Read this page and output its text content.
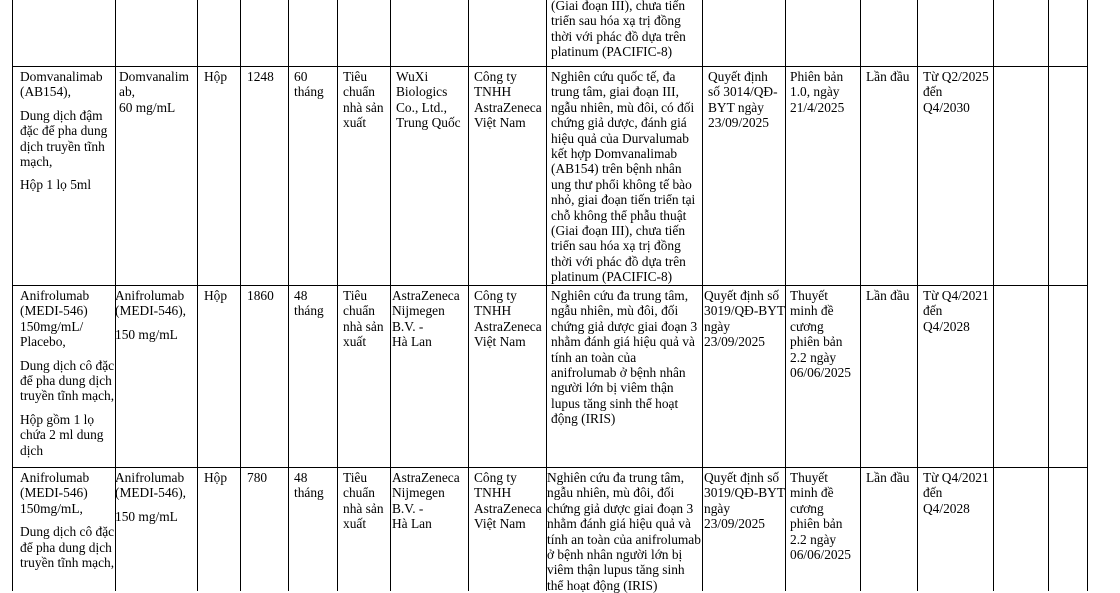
(Giai đoạn III), chưa tiến

triển sau hóa xạ trị đồng

thời với phác đồ dựa trên

platinum (PACIFIC-8)

Domvanalimab

(AB154),

Dung dịch đậm

đặc để pha dung

dịch truyền tĩnh

mạch,

Hộp 1 lọ 5ml

Domvanalim

ab,

60 mg/mL

Hộp 1248 60

tháng

Tiêu

chuẩn

nhà sản

xuất

WuXi

Biologics

Co., Ltd.,

Trung Quốc

Công ty

TNHH

AstraZeneca

Việt Nam

Nghiên cứu quốc tế, đa

trung tâm, giai đoạn III,

ngẫu nhiên, mù đôi, có đối

chứng giả dược, đánh giá

hiệu quả của Durvalumab

kết hợp Domvanalimab

(AB154) trên bệnh nhân

ung thư phổi không tế bào

nhỏ, giai đoạn tiến triển tại

chỗ không thể phẫu thuật

(Giai đoạn III), chưa tiến

triển sau hóa xạ trị đồng

thời với phác đồ dựa trên

platinum (PACIFIC-8)

Quyết định

số 3014/QĐ-

BYT ngày

23/09/2025

Phiên bản

1.0, ngày

21/4/2025

Lần đầu Từ Q2/2025

đến

Q4/2030

Anifrolumab

(MEDI-546)

150mg/mL/

Placebo,

Dung dịch cô đặc

để pha dung dịch

truyền tĩnh mạch,

Hộp gồm 1 lọ

chứa 2 ml dung

dịch

Anifrolumab

(MEDI-546),

150 mg/mL

Hộp 1860 48

tháng

Tiêu

chuẩn

nhà sản

xuất

AstraZeneca

Nijmegen

B.V. -

Hà Lan

Công ty

TNHH

AstraZeneca

Việt Nam

Nghiên cứu đa trung tâm,

ngẫu nhiên, mù đôi, đối

chứng giả dược giai đoạn 3

nhằm đánh giá hiệu quả và

tính an toàn của

anifrolumab ở bệnh nhân

người lớn bị viêm thận

lupus tăng sinh thể hoạt

động (IRIS)

Quyết định số

3019/QĐ-BYT

ngày

23/09/2025

Thuyết

minh đề

cương

phiên bản

2.2 ngày

06/06/2025

Lần đầu Từ Q4/2021

đến

Q4/2028

Anifrolumab

(MEDI-546)

150mg/mL,

Dung dịch cô đặc

để pha dung dịch

truyền tĩnh mạch,

Anifrolumab

(MEDI-546),

150 mg/mL

Hộp 780 48

tháng

Tiêu

chuẩn

nhà sản

xuất

AstraZeneca

Nijmegen

B.V. -

Hà Lan

Công ty

TNHH

AstraZeneca

Việt Nam

Nghiên cứu đa trung tâm,

ngẫu nhiên, mù đôi, đối

chứng giả dược giai đoạn 3

nhằm đánh giá hiệu quả và

tính an toàn của anifrolumab

ở bệnh nhân người lớn bị

viêm thận lupus tăng sinh

thể hoạt động (IRIS)

Quyết định số

3019/QĐ-BYT

ngày

23/09/2025

Thuyết

minh đề

cương

phiên bản

2.2 ngày

06/06/2025

Lần đầu Từ Q4/2021

đến

Q4/2028
